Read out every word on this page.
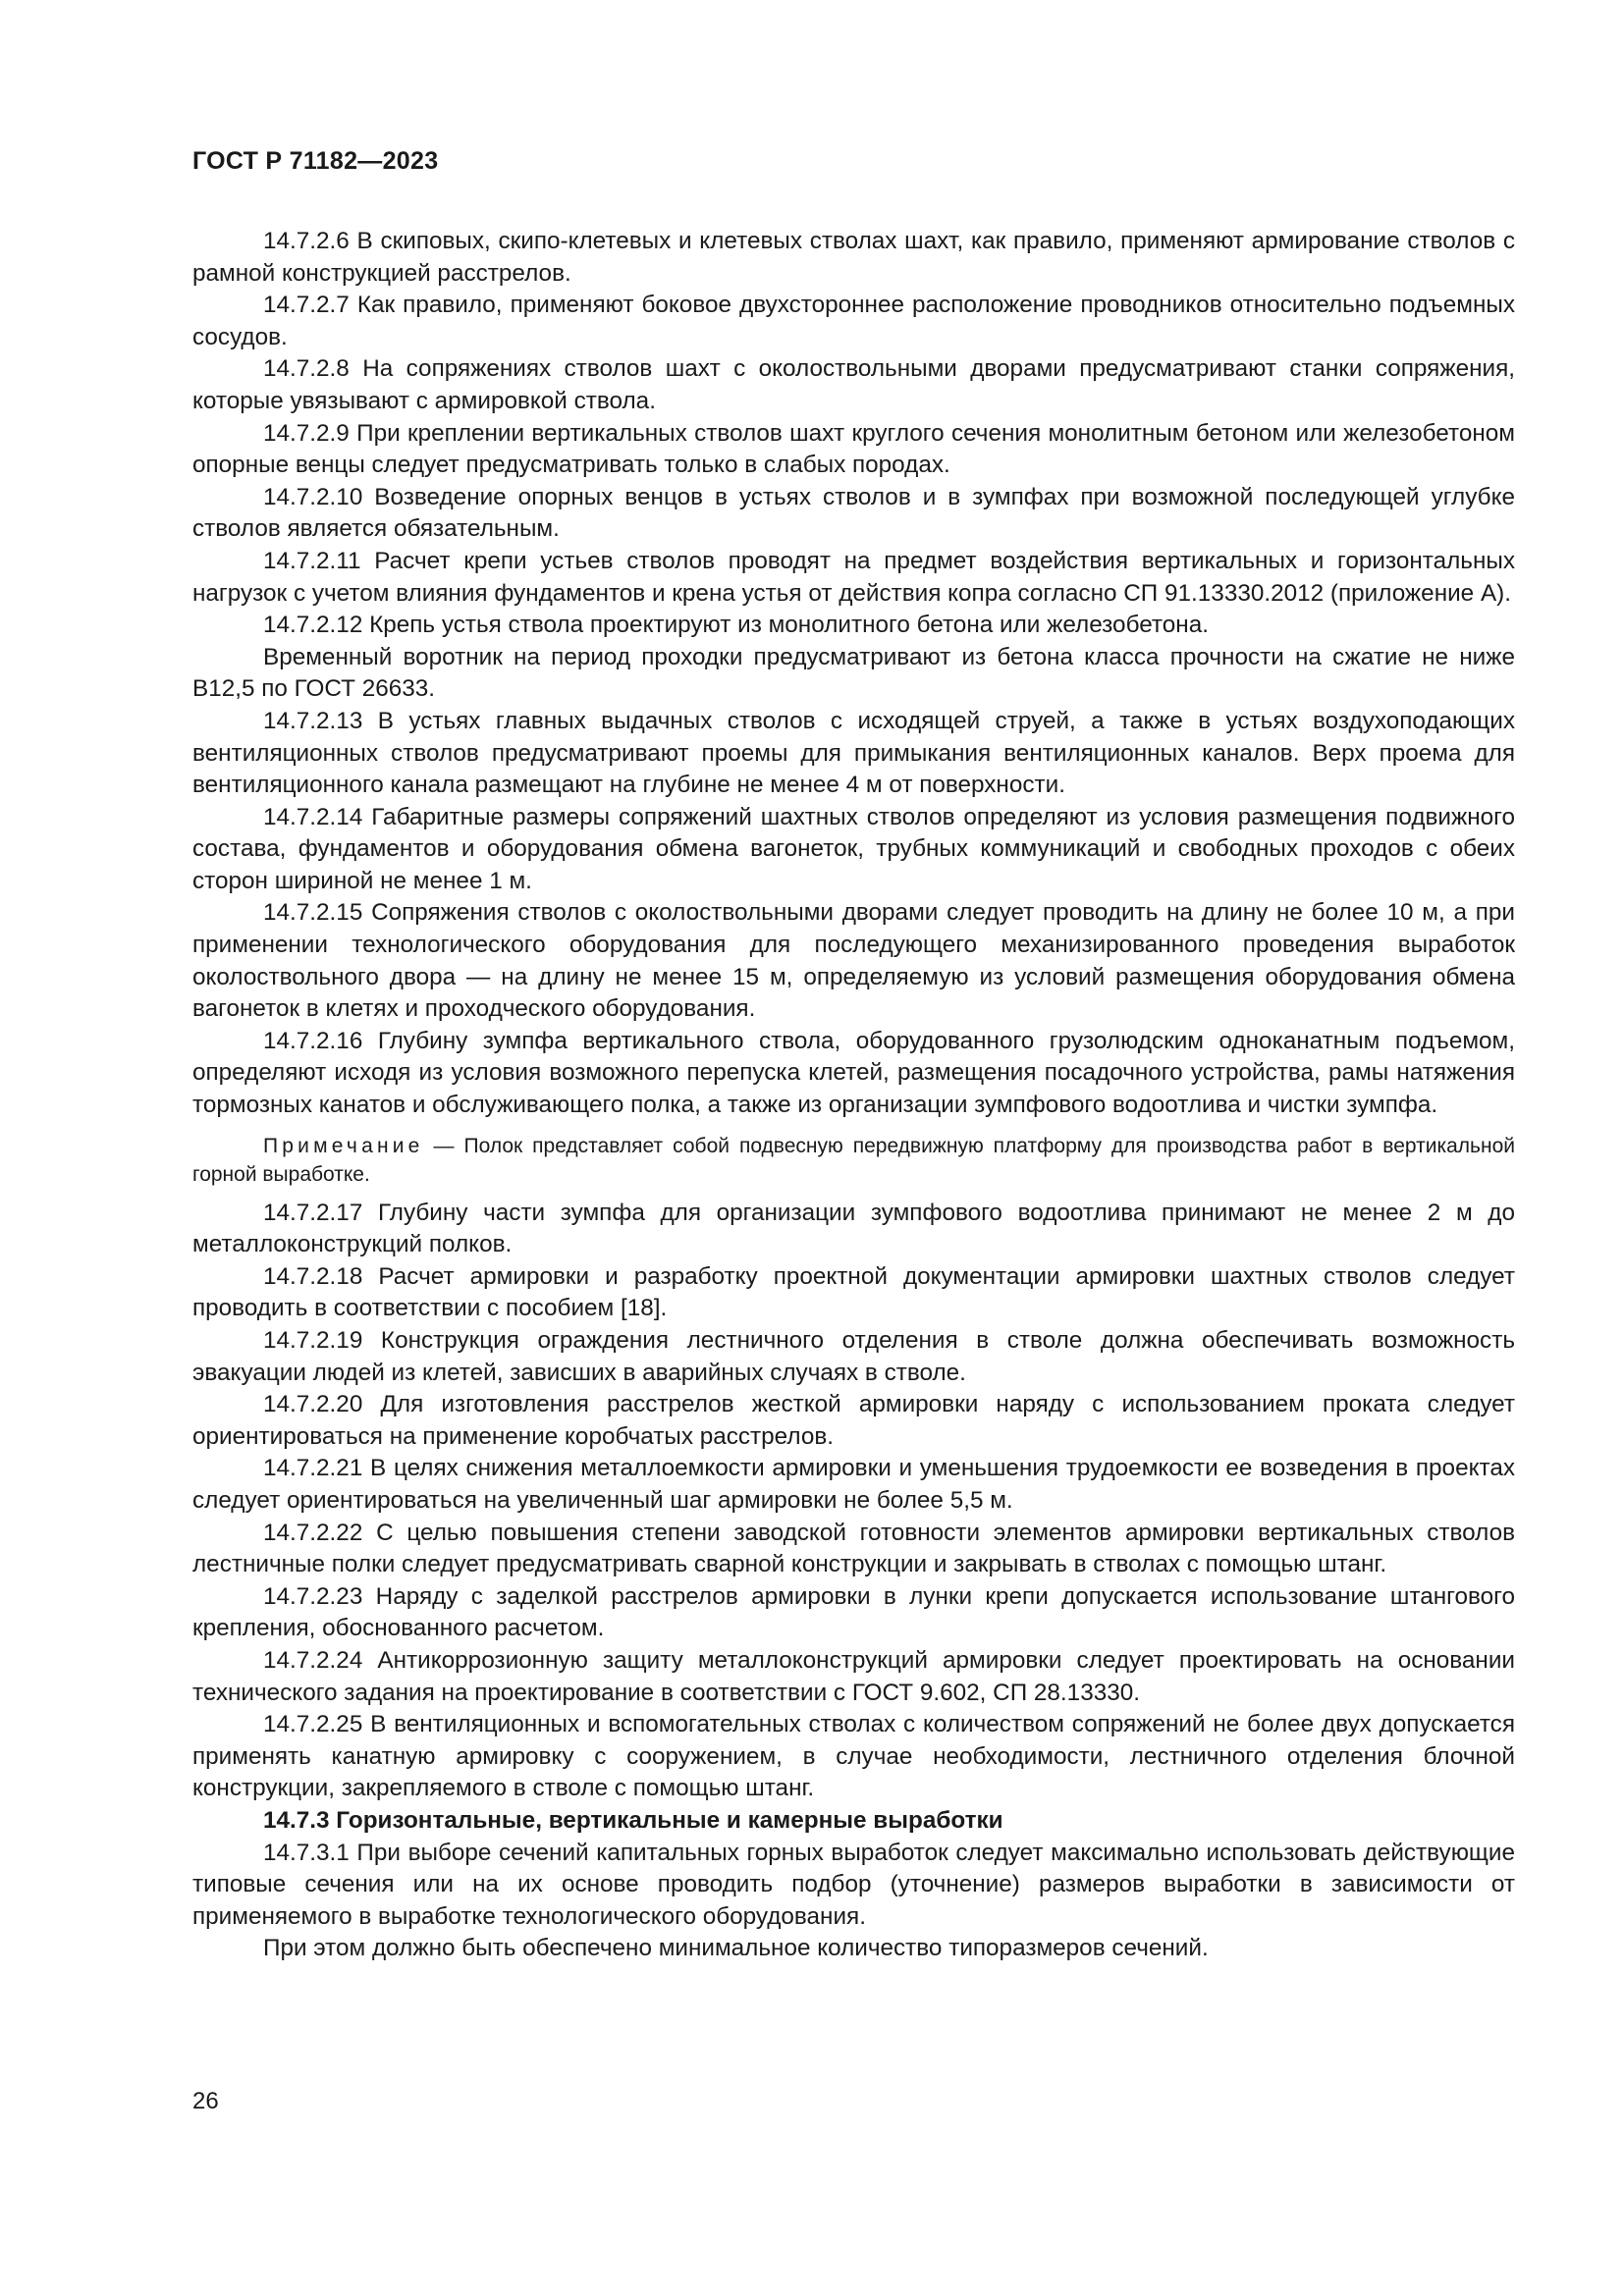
ГОСТ Р 71182—2023

14.7.2.6 В скиповых, скипо-клетевых и клетевых стволах шахт, как правило, применяют армирование стволов с рамной конструкцией расстрелов.

14.7.2.7 Как правило, применяют боковое двухстороннее расположение проводников относительно подъемных сосудов.

14.7.2.8 На сопряжениях стволов шахт с околоствольными дворами предусматривают станки сопряжения, которые увязывают с армировкой ствола.

14.7.2.9 При креплении вертикальных стволов шахт круглого сечения монолитным бетоном или железобетоном опорные венцы следует предусматривать только в слабых породах.

14.7.2.10 Возведение опорных венцов в устьях стволов и в зумпфах при возможной последующей углубке стволов является обязательным.

14.7.2.11 Расчет крепи устьев стволов проводят на предмет воздействия вертикальных и горизонтальных нагрузок с учетом влияния фундаментов и крена устья от действия копра согласно СП 91.13330.2012 (приложение А).

14.7.2.12 Крепь устья ствола проектируют из монолитного бетона или железобетона.

Временный воротник на период проходки предусматривают из бетона класса прочности на сжатие не ниже В12,5 по ГОСТ 26633.

14.7.2.13 В устьях главных выдачных стволов с исходящей струей, а также в устьях воздухоподающих вентиляционных стволов предусматривают проемы для примыкания вентиляционных каналов. Верх проема для вентиляционного канала размещают на глубине не менее 4 м от поверхности.

14.7.2.14 Габаритные размеры сопряжений шахтных стволов определяют из условия размещения подвижного состава, фундаментов и оборудования обмена вагонеток, трубных коммуникаций и свободных проходов с обеих сторон шириной не менее 1 м.

14.7.2.15 Сопряжения стволов с околоствольными дворами следует проводить на длину не более 10 м, а при применении технологического оборудования для последующего механизированного проведения выработок околоствольного двора — на длину не менее 15 м, определяемую из условий размещения оборудования обмена вагонеток в клетях и проходческого оборудования.

14.7.2.16 Глубину зумпфа вертикального ствола, оборудованного грузолюдским одноканатным подъемом, определяют исходя из условия возможного перепуска клетей, размещения посадочного устройства, рамы натяжения тормозных канатов и обслуживающего полка, а также из организации зумпфового водоотлива и чистки зумпфа.

Примечание — Полок представляет собой подвесную передвижную платформу для производства работ в вертикальной горной выработке.

14.7.2.17 Глубину части зумпфа для организации зумпфового водоотлива принимают не менее 2 м до металлоконструкций полков.

14.7.2.18 Расчет армировки и разработку проектной документации армировки шахтных стволов следует проводить в соответствии с пособием [18].

14.7.2.19 Конструкция ограждения лестничного отделения в стволе должна обеспечивать возможность эвакуации людей из клетей, зависших в аварийных случаях в стволе.

14.7.2.20 Для изготовления расстрелов жесткой армировки наряду с использованием проката следует ориентироваться на применение коробчатых расстрелов.

14.7.2.21 В целях снижения металлоемкости армировки и уменьшения трудоемкости ее возведения в проектах следует ориентироваться на увеличенный шаг армировки не более 5,5 м.

14.7.2.22 С целью повышения степени заводской готовности элементов армировки вертикальных стволов лестничные полки следует предусматривать сварной конструкции и закрывать в стволах с помощью штанг.

14.7.2.23 Наряду с заделкой расстрелов армировки в лунки крепи допускается использование штангового крепления, обоснованного расчетом.

14.7.2.24 Антикоррозионную защиту металлоконструкций армировки следует проектировать на основании технического задания на проектирование в соответствии с ГОСТ 9.602, СП 28.13330.

14.7.2.25 В вентиляционных и вспомогательных стволах с количеством сопряжений не более двух допускается применять канатную армировку с сооружением, в случае необходимости, лестничного отделения блочной конструкции, закрепляемого в стволе с помощью штанг.

14.7.3 Горизонтальные, вертикальные и камерные выработки

14.7.3.1 При выборе сечений капитальных горных выработок следует максимально использовать действующие типовые сечения или на их основе проводить подбор (уточнение) размеров выработки в зависимости от применяемого в выработке технологического оборудования.

При этом должно быть обеспечено минимальное количество типоразмеров сечений.

26
